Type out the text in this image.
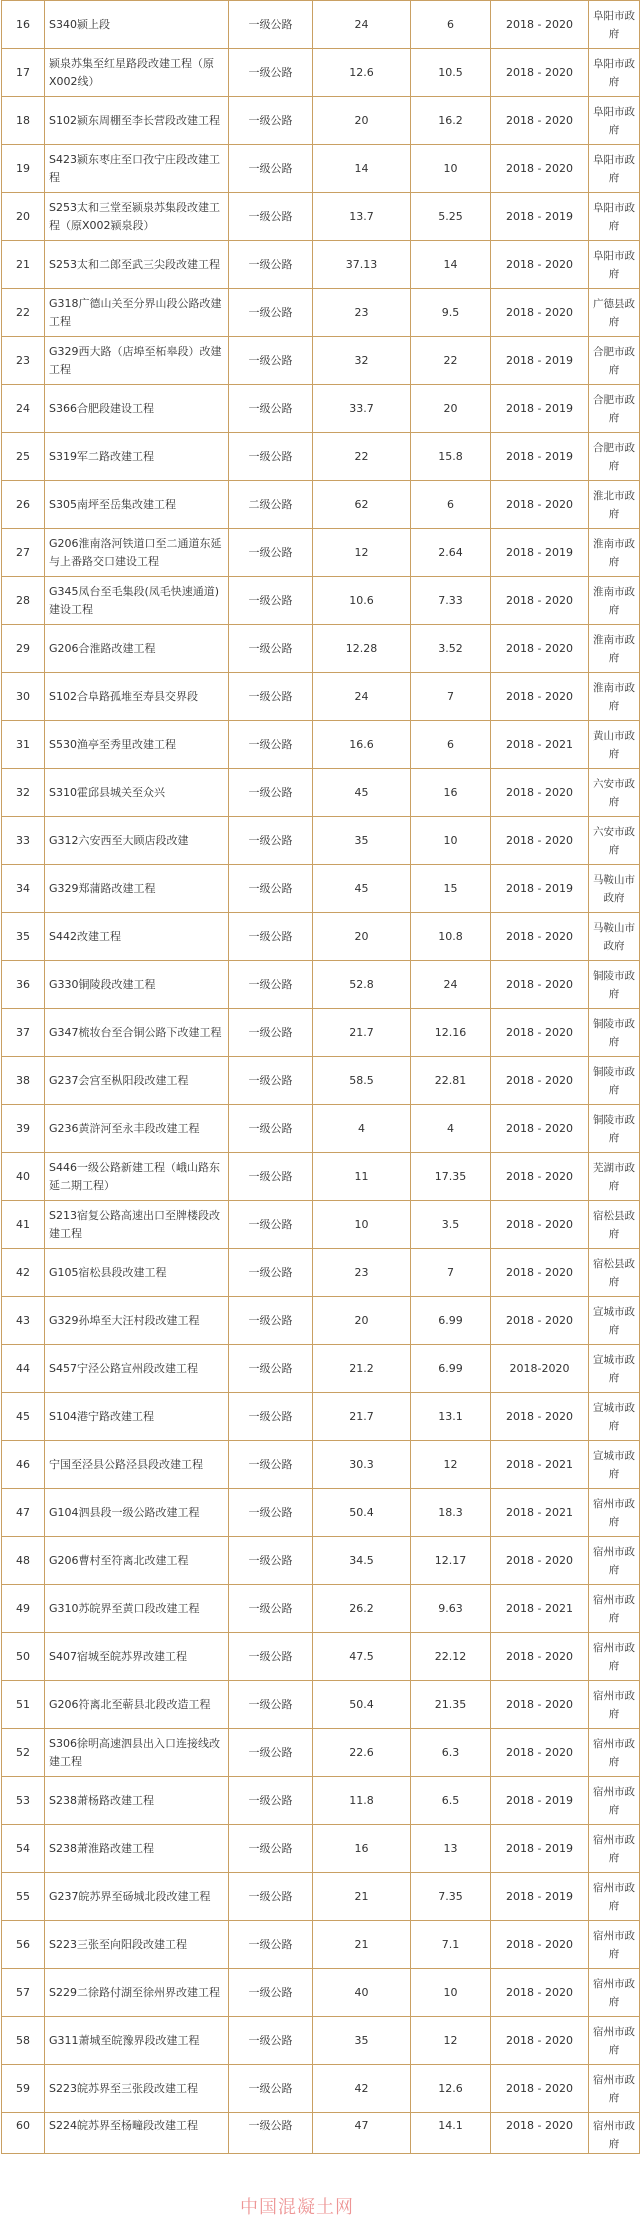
16	S340颍上段	一级公路	24	6	2018 - 2020	阜阳市政府
17	颍泉苏集至红星路段改建工程（原X002线）	一级公路	12.6	10.5	2018 - 2020	阜阳市政府
18	S102颍东周棚至李长营段改建工程	一级公路	20	16.2	2018 - 2020	阜阳市政府
19	S423颍东枣庄至口孜宁庄段改建工程	一级公路	14	10	2018 - 2020	阜阳市政府
20	S253太和三堂至颍泉苏集段改建工程（原X002颍泉段）	一级公路	13.7	5.25	2018 - 2019	阜阳市政府
21	S253太和二郎至武三尖段改建工程	一级公路	37.13	14	2018 - 2020	阜阳市政府
22	G318广德山关至分界山段公路改建工程	一级公路	23	9.5	2018 - 2020	广德县政府
23	G329西大路（店埠至柘皋段）改建工程	一级公路	32	22	2018 - 2019	合肥市政府
24	S366合肥段建设工程	一级公路	33.7	20	2018 - 2019	合肥市政府
25	S319军二路改建工程	一级公路	22	15.8	2018 - 2019	合肥市政府
26	S305南坪至岳集改建工程	二级公路	62	6	2018 - 2020	淮北市政府
27	G206淮南洛河铁道口至二通道东延与上番路交口建设工程	一级公路	12	2.64	2018 - 2019	淮南市政府
28	G345凤台至毛集段(凤毛快速通道)建设工程	一级公路	10.6	7.33	2018 - 2020	淮南市政府
29	G206合淮路改建工程	一级公路	12.28	3.52	2018 - 2020	淮南市政府
30	S102合阜路孤堆至寿县交界段	一级公路	24	7	2018 - 2020	淮南市政府
31	S530渔亭至秀里改建工程	一级公路	16.6	6	2018 - 2021	黄山市政府
32	S310霍邱县城关至众兴	一级公路	45	16	2018 - 2020	六安市政府
33	G312六安西至大顾店段改建	一级公路	35	10	2018 - 2020	六安市政府
34	G329郑蒲路改建工程	一级公路	45	15	2018 - 2019	马鞍山市政府
35	S442改建工程	一级公路	20	10.8	2018 - 2020	马鞍山市政府
36	G330铜陵段改建工程	一级公路	52.8	24	2018 - 2020	铜陵市政府
37	G347梳妆台至合铜公路下改建工程	一级公路	21.7	12.16	2018 - 2020	铜陵市政府
38	G237会宫至枞阳段改建工程	一级公路	58.5	22.81	2018 - 2020	铜陵市政府
39	G236黄浒河至永丰段改建工程	一级公路	4	4	2018 - 2020	铜陵市政府
40	S446一级公路新建工程（峨山路东延二期工程）	一级公路	11	17.35	2018 - 2020	芜湖市政府
41	S213宿复公路高速出口至牌楼段改建工程	一级公路	10	3.5	2018 - 2020	宿松县政府
42	G105宿松县段改建工程	一级公路	23	7	2018 - 2020	宿松县政府
43	G329孙埠至大汪村段改建工程	一级公路	20	6.99	2018 - 2020	宣城市政府
44	S457宁泾公路宣州段改建工程	一级公路	21.2	6.99	2018-2020	宣城市政府
45	S104港宁路改建工程	一级公路	21.7	13.1	2018 - 2020	宣城市政府
46	宁国至泾县公路泾县段改建工程	一级公路	30.3	12	2018 - 2021	宣城市政府
47	G104泗县段一级公路改建工程	一级公路	50.4	18.3	2018 - 2021	宿州市政府
48	G206曹村至符离北改建工程	一级公路	34.5	12.17	2018 - 2020	宿州市政府
49	G310苏皖界至黄口段改建工程	一级公路	26.2	9.63	2018 - 2021	宿州市政府
50	S407宿城至皖苏界改建工程	一级公路	47.5	22.12	2018 - 2020	宿州市政府
51	G206符离北至蕲县北段改造工程	一级公路	50.4	21.35	2018 - 2020	宿州市政府
52	S306徐明高速泗县出入口连接线改建工程	一级公路	22.6	6.3	2018 - 2020	宿州市政府
53	S238萧杨路改建工程	一级公路	11.8	6.5	2018 - 2019	宿州市政府
54	S238萧淮路改建工程	一级公路	16	13	2018 - 2019	宿州市政府
55	G237皖苏界至砀城北段改建工程	一级公路	21	7.35	2018 - 2019	宿州市政府
56	S223三张至向阳段改建工程	一级公路	21	7.1	2018 - 2020	宿州市政府
57	S229二徐路付湖至徐州界改建工程	一级公路	40	10	2018 - 2020	宿州市政府
58	G311萧城至皖豫界段改建工程	一级公路	35	12	2018 - 2020	宿州市政府
59	S223皖苏界至三张段改建工程	一级公路	42	12.6	2018 - 2020	宿州市政府
60	S224皖苏界至杨疃段改建工程	一级公路	47	14.1	2018 - 2020	宿州市政府
中国混凝土网
